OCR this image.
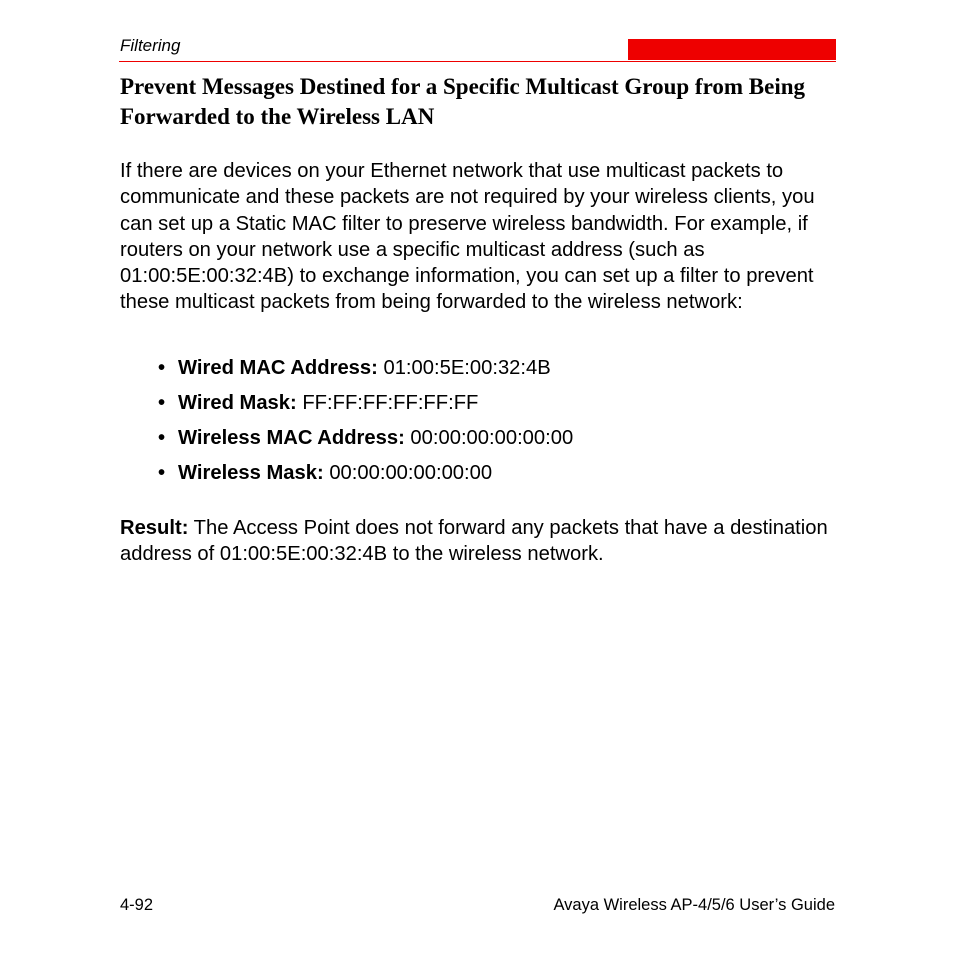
Filtering
Prevent Messages Destined for a Specific Multicast Group from Being Forwarded to the Wireless LAN

If there are devices on your Ethernet network that use multicast packets to communicate and these packets are not required by your wireless clients, you can set up a Static MAC filter to preserve wireless bandwidth. For example, if routers on your network use a specific multicast address (such as 01:00:5E:00:32:4B) to exchange information, you can set up a filter to prevent these multicast packets from being forwarded to the wireless network:

• Wired MAC Address: 01:00:5E:00:32:4B
• Wired Mask: FF:FF:FF:FF:FF:FF
• Wireless MAC Address: 00:00:00:00:00:00
• Wireless Mask: 00:00:00:00:00:00

Result: The Access Point does not forward any packets that have a destination address of 01:00:5E:00:32:4B to the wireless network.

4-92	Avaya Wireless AP-4/5/6 User’s Guide
